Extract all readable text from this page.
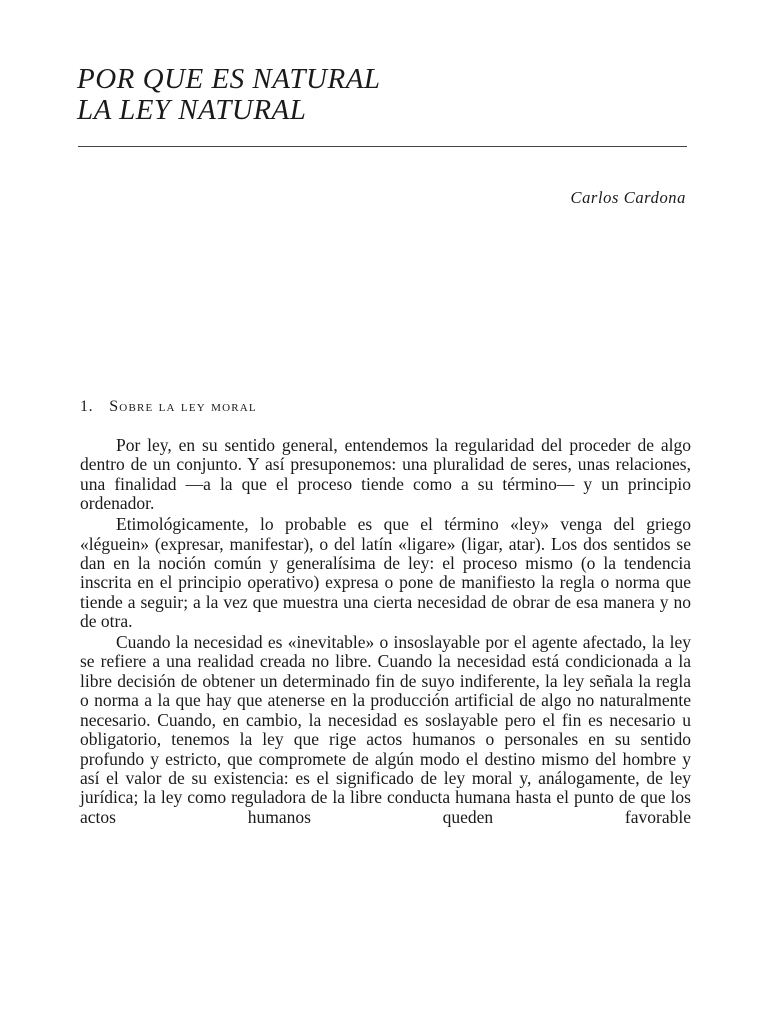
POR QUE ES NATURAL
LA LEY NATURAL
Carlos Cardona
1. Sobre la ley moral

Por ley, en su sentido general, entendemos la regularidad del proceder de algo dentro de un conjunto. Y así presuponemos: una pluralidad de seres, unas relaciones, una finalidad —a la que el proceso tiende como a su término— y un principio ordenador.

Etimológicamente, lo probable es que el término «ley» venga del griego «léguein» (expresar, manifestar), o del latín «ligare» (ligar, atar). Los dos sentidos se dan en la noción común y generalísima de ley: el proceso mismo (o la tendencia inscrita en el principio operativo) expresa o pone de manifiesto la regla o norma que tiende a seguir; a la vez que muestra una cierta necesidad de obrar de esa manera y no de otra.

Cuando la necesidad es «inevitable» o insoslayable por el agente afectado, la ley se refiere a una realidad creada no libre. Cuando la necesidad está condicionada a la libre decisión de obtener un determinado fin de suyo indiferente, la ley señala la regla o norma a la que hay que atenerse en la producción artificial de algo no naturalmente necesario. Cuando, en cambio, la necesidad es soslayable pero el fin es necesario u obligatorio, tenemos la ley que rige actos humanos o personales en su sentido profundo y estricto, que compromete de algún modo el destino mismo del hombre y así el valor de su existencia: es el significado de ley moral y, análogamente, de ley jurídica; la ley como reguladora de la libre conducta humana hasta el punto de que los actos humanos queden favorable
